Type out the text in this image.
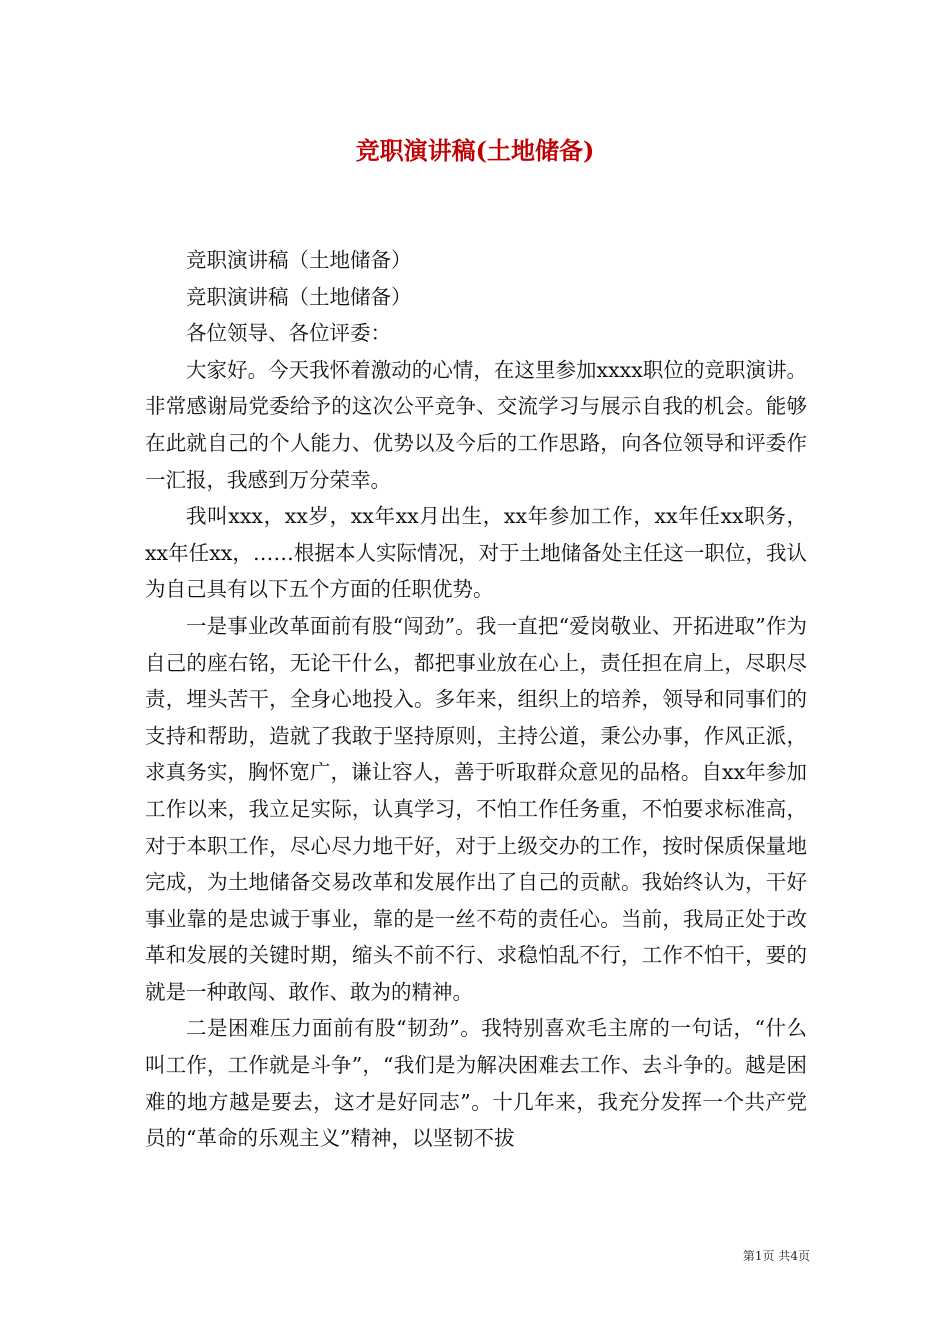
竞职演讲稿(土地储备)

竞职演讲稿（土地储备）

竞职演讲稿（土地储备）

各位领导、各位评委：

大家好。今天我怀着激动的心情，在这里参加xxxx职位的竞职演讲。非常感谢局党委给予的这次公平竞争、交流学习与展示自我的机会。能够在此就自己的个人能力、优势以及今后的工作思路，向各位领导和评委作一汇报，我感到万分荣幸。

我叫xxx，xx岁，xx年xx月出生，xx年参加工作，xx年任xx职务，xx年任xx，……根据本人实际情况，对于土地储备处主任这一职位，我认为自己具有以下五个方面的任职优势。

一是事业改革面前有股“闯劲”。我一直把“爱岗敬业、开拓进取”作为自己的座右铭，无论干什么，都把事业放在心上，责任担在肩上，尽职尽责，埋头苦干，全身心地投入。多年来，组织上的培养，领导和同事们的支持和帮助，造就了我敢于坚持原则，主持公道，秉公办事，作风正派，求真务实，胸怀宽广，谦让容人，善于听取群众意见的品格。自xx年参加工作以来，我立足实际，认真学习，不怕工作任务重，不怕要求标准高，对于本职工作，尽心尽力地干好，对于上级交办的工作，按时保质保量地完成，为土地储备交易改革和发展作出了自己的贡献。我始终认为，干好事业靠的是忠诚于事业，靠的是一丝不苟的责任心。当前，我局正处于改革和发展的关键时期，缩头不前不行、求稳怕乱不行，工作不怕干，要的就是一种敢闯、敢作、敢为的精神。

二是困难压力面前有股“韧劲”。我特别喜欢毛主席的一句话，“什么叫工作，工作就是斗争”，“我们是为解决困难去工作、去斗争的。越是困难的地方越是要去，这才是好同志”。十几年来，我充分发挥一个共产党员的“革命的乐观主义”精神，以坚韧不拔

第1页 共4页
